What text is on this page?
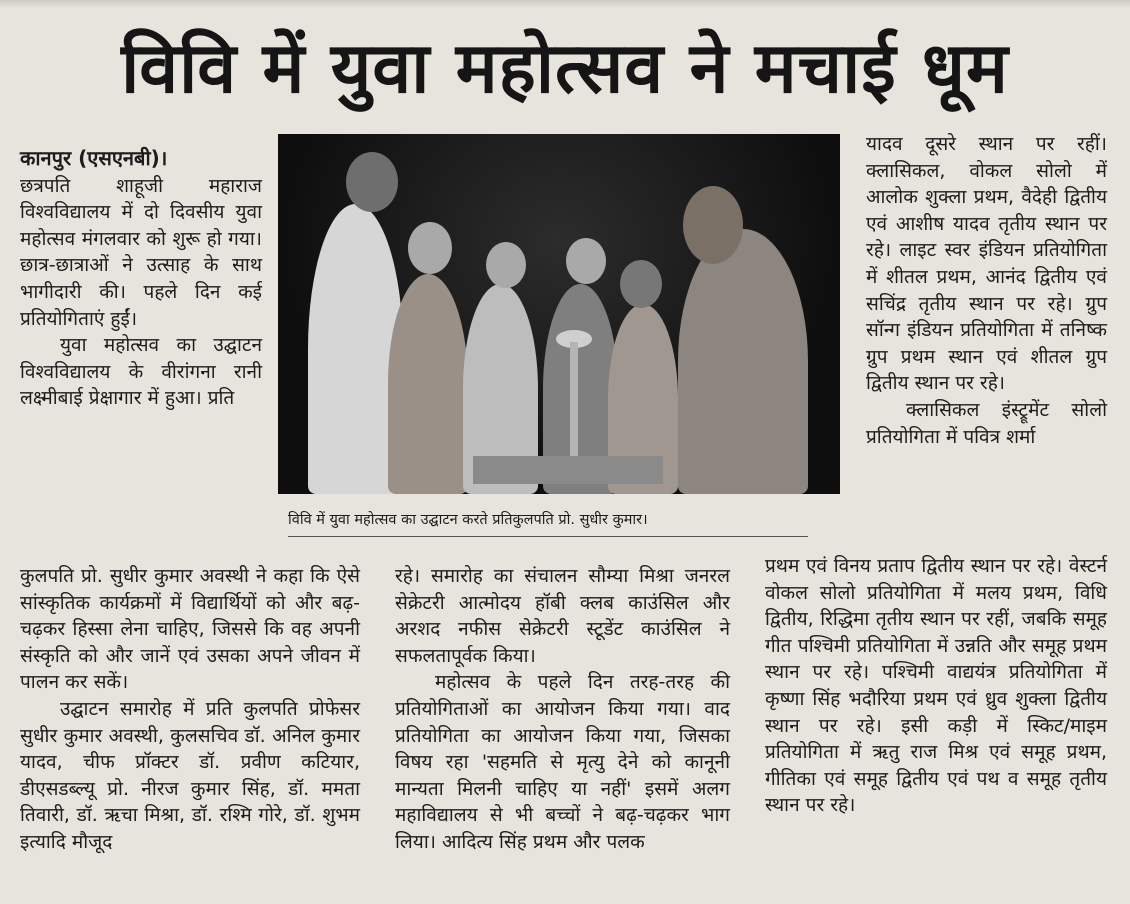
विवि में युवा महोत्सव ने मचाई धूम

कानपुर (एसएनबी)।

छत्रपति शाहूजी महाराज विश्वविद्यालय में दो दिवसीय युवा महोत्सव मंगलवार को शुरू हो गया। छात्र-छात्राओं ने उत्साह के साथ भागीदारी की। पहले दिन कई प्रतियोगिताएं हुईं।

युवा महोत्सव का उद्घाटन विश्वविद्यालय के वीरांगना रानी लक्ष्मीबाई प्रेक्षागार में हुआ। प्रति

विवि में युवा महोत्सव का उद्घाटन करते प्रतिकुलपति प्रो. सुधीर कुमार।

कुलपति प्रो. सुधीर कुमार अवस्थी ने कहा कि ऐसे सांस्कृतिक कार्यक्रमों में विद्यार्थियों को और बढ़-चढ़कर हिस्सा लेना चाहिए, जिससे कि वह अपनी संस्कृति को और जानें एवं उसका अपने जीवन में पालन कर सकें।

उद्घाटन समारोह में प्रति कुलपति प्रोफेसर सुधीर कुमार अवस्थी, कुलसचिव डॉ. अनिल कुमार यादव, चीफ प्रॉक्टर डॉ. प्रवीण कटियार, डीएसडब्ल्यू प्रो. नीरज कुमार सिंह, डॉ. ममता तिवारी, डॉ. ऋचा मिश्रा, डॉ. रश्मि गोरे, डॉ. शुभम इत्यादि मौजूद

रहे। समारोह का संचालन सौम्या मिश्रा जनरल सेक्रेटरी आत्मोदय हॉबी क्लब काउंसिल और अरशद नफीस सेक्रेटरी स्टूडेंट काउंसिल ने सफलतापूर्वक किया।

महोत्सव के पहले दिन तरह-तरह की प्रतियोगिताओं का आयोजन किया गया। वाद प्रतियोगिता का आयोजन किया गया, जिसका विषय रहा 'सहमति से मृत्यु देने को कानूनी मान्यता मिलनी चाहिए या नहीं' इसमें अलग महाविद्यालय से भी बच्चों ने बढ़-चढ़कर भाग लिया। आदित्य सिंह प्रथम और पलक

यादव दूसरे स्थान पर रहीं। क्लासिकल, वोकल सोलो में आलोक शुक्ला प्रथम, वैदेही द्वितीय एवं आशीष यादव तृतीय स्थान पर रहे। लाइट स्वर इंडियन प्रतियोगिता में शीतल प्रथम, आनंद द्वितीय एवं सचिंद्र तृतीय स्थान पर रहे। ग्रुप सॉन्ग इंडियन प्रतियोगिता में तनिष्क ग्रुप प्रथम स्थान एवं शीतल ग्रुप द्वितीय स्थान पर रहे।

क्लासिकल इंस्ट्रूमेंट सोलो प्रतियोगिता में पवित्र शर्मा

प्रथम एवं विनय प्रताप द्वितीय स्थान पर रहे। वेस्टर्न वोकल सोलो प्रतियोगिता में मलय प्रथम, विधि द्वितीय, रिद्धिमा तृतीय स्थान पर रहीं, जबकि समूह गीत पश्चिमी प्रतियोगिता में उन्नति और समूह प्रथम स्थान पर रहे। पश्चिमी वाद्ययंत्र प्रतियोगिता में कृष्णा सिंह भदौरिया प्रथम एवं ध्रुव शुक्ला द्वितीय स्थान पर रहे। इसी कड़ी में स्किट/माइम प्रतियोगिता में ऋतु राज मिश्र एवं समूह प्रथम, गीतिका एवं समूह द्वितीय एवं पथ व समूह तृतीय स्थान पर रहे।
